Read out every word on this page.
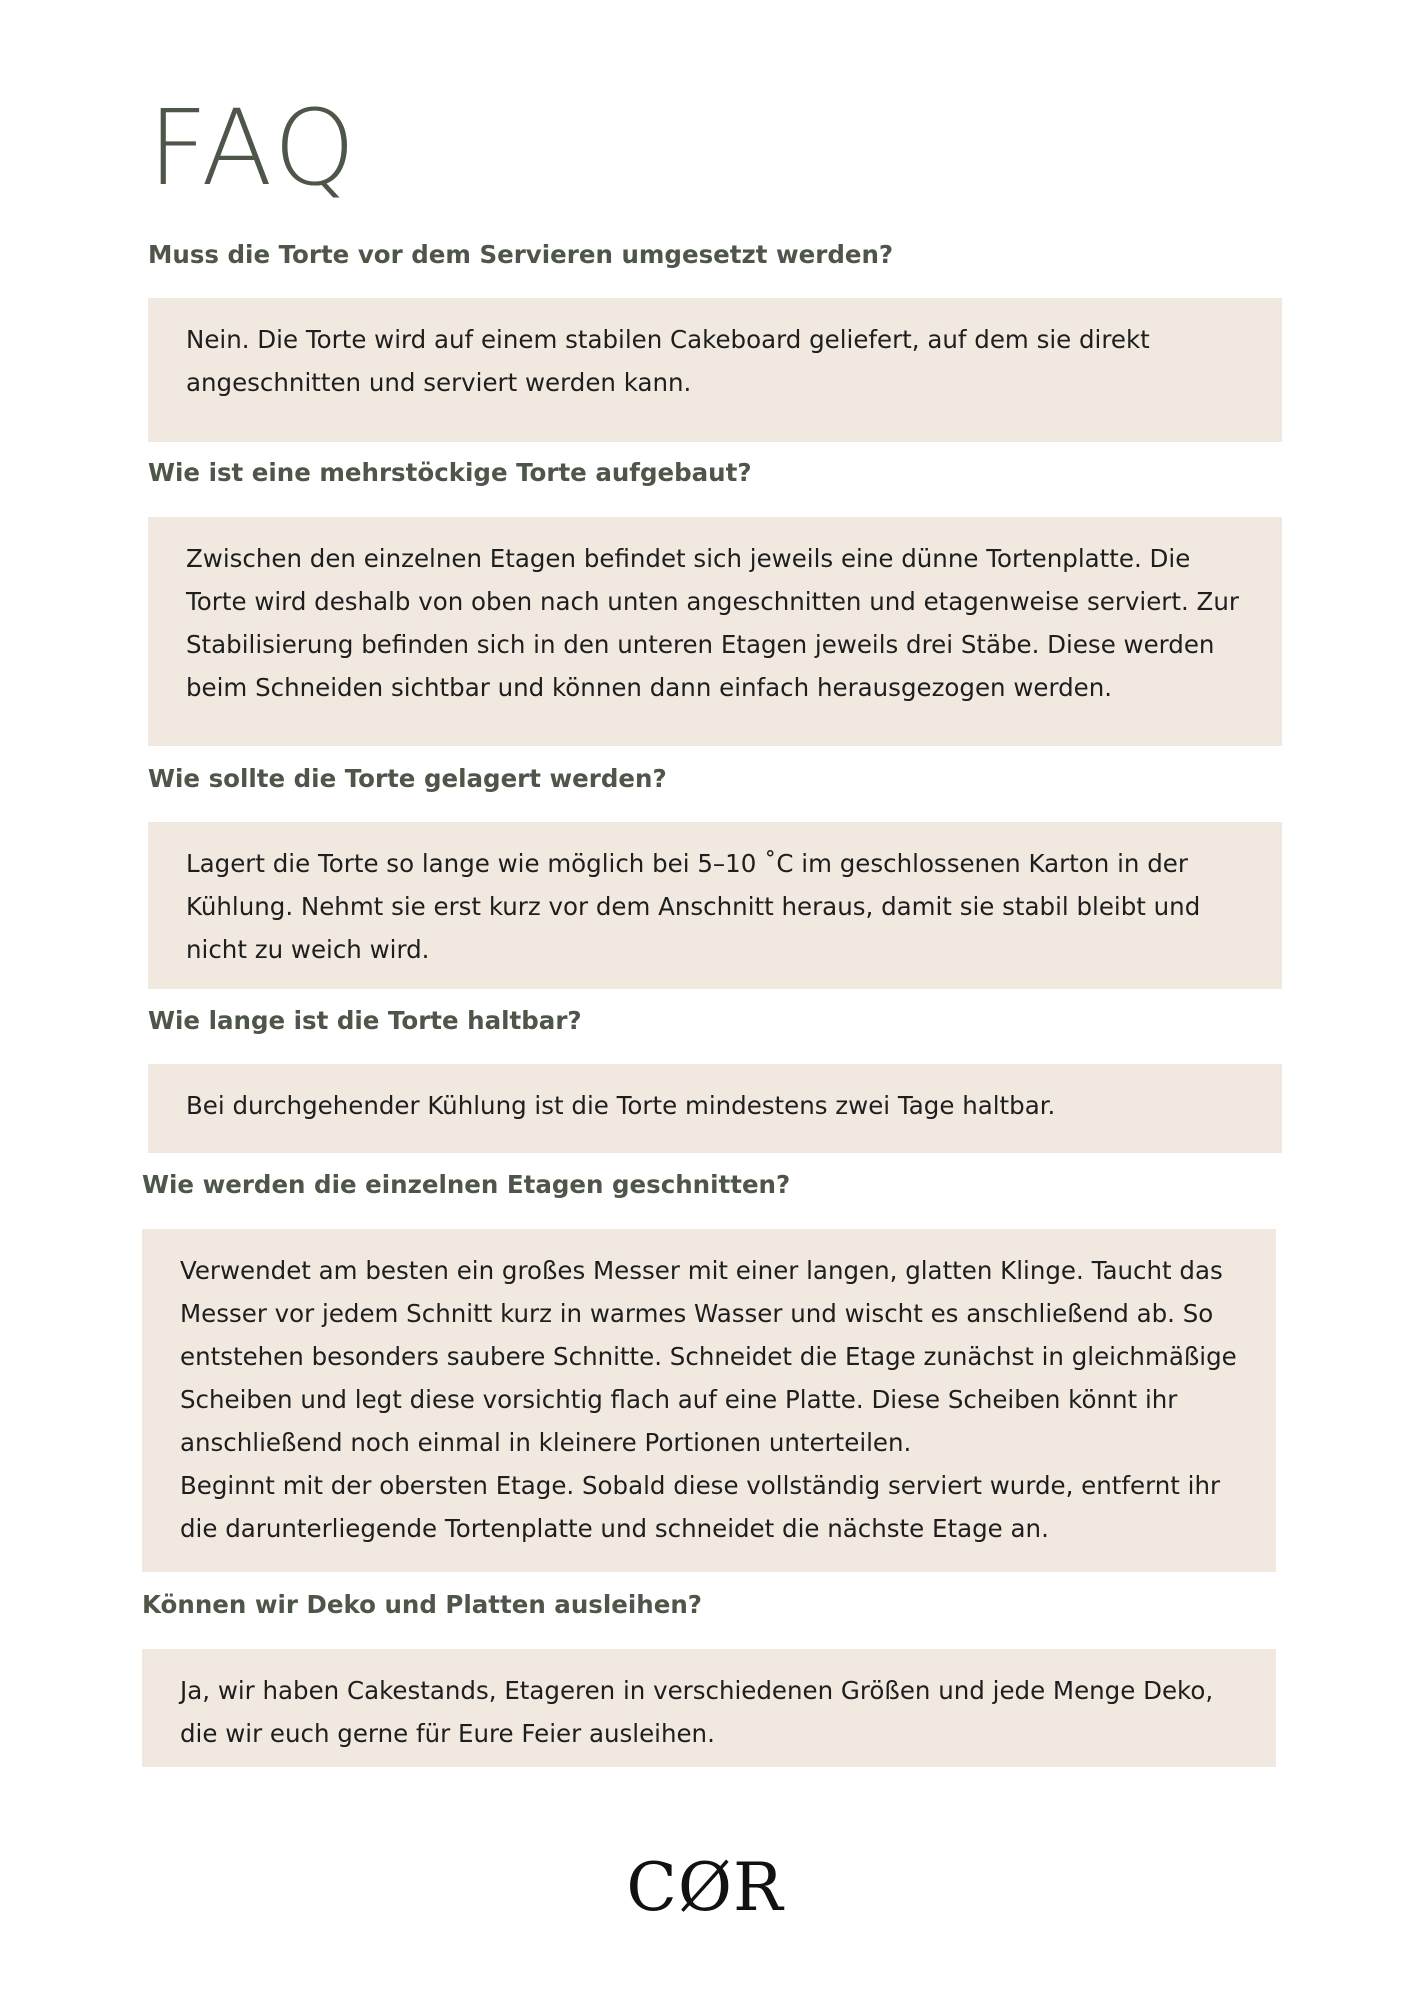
FAQ
Muss die Torte vor dem Servieren umgesetzt werden?

Nein. Die Torte wird auf einem stabilen Cakeboard geliefert, auf dem sie direkt angeschnitten und serviert werden kann.

Wie ist eine mehrstöckige Torte aufgebaut?

Zwischen den einzelnen Etagen befindet sich jeweils eine dünne Tortenplatte. Die Torte wird deshalb von oben nach unten angeschnitten und etagenweise serviert. Zur Stabilisierung befinden sich in den unteren Etagen jeweils drei Stäbe. Diese werden beim Schneiden sichtbar und können dann einfach herausgezogen werden.

Wie sollte die Torte gelagert werden?

Lagert die Torte so lange wie möglich bei 5–10 ˚C im geschlossenen Karton in der Kühlung. Nehmt sie erst kurz vor dem Anschnitt heraus, damit sie stabil bleibt und nicht zu weich wird.

Wie lange ist die Torte haltbar?

Bei durchgehender Kühlung ist die Torte mindestens zwei Tage haltbar.

Wie werden die einzelnen Etagen geschnitten?

Verwendet am besten ein großes Messer mit einer langen, glatten Klinge. Taucht das Messer vor jedem Schnitt kurz in warmes Wasser und wischt es anschließend ab. So entstehen besonders saubere Schnitte. Schneidet die Etage zunächst in gleichmäßige Scheiben und legt diese vorsichtig flach auf eine Platte. Diese Scheiben könnt ihr anschließend noch einmal in kleinere Portionen unterteilen.

Beginnt mit der obersten Etage. Sobald diese vollständig serviert wurde, entfernt ihr die darunterliegende Tortenplatte und schneidet die nächste Etage an.

Können wir Deko und Platten ausleihen?

Ja, wir haben Cakestands, Etageren in verschiedenen Größen und jede Menge Deko, die wir euch gerne für Eure Feier ausleihen.

CØR
